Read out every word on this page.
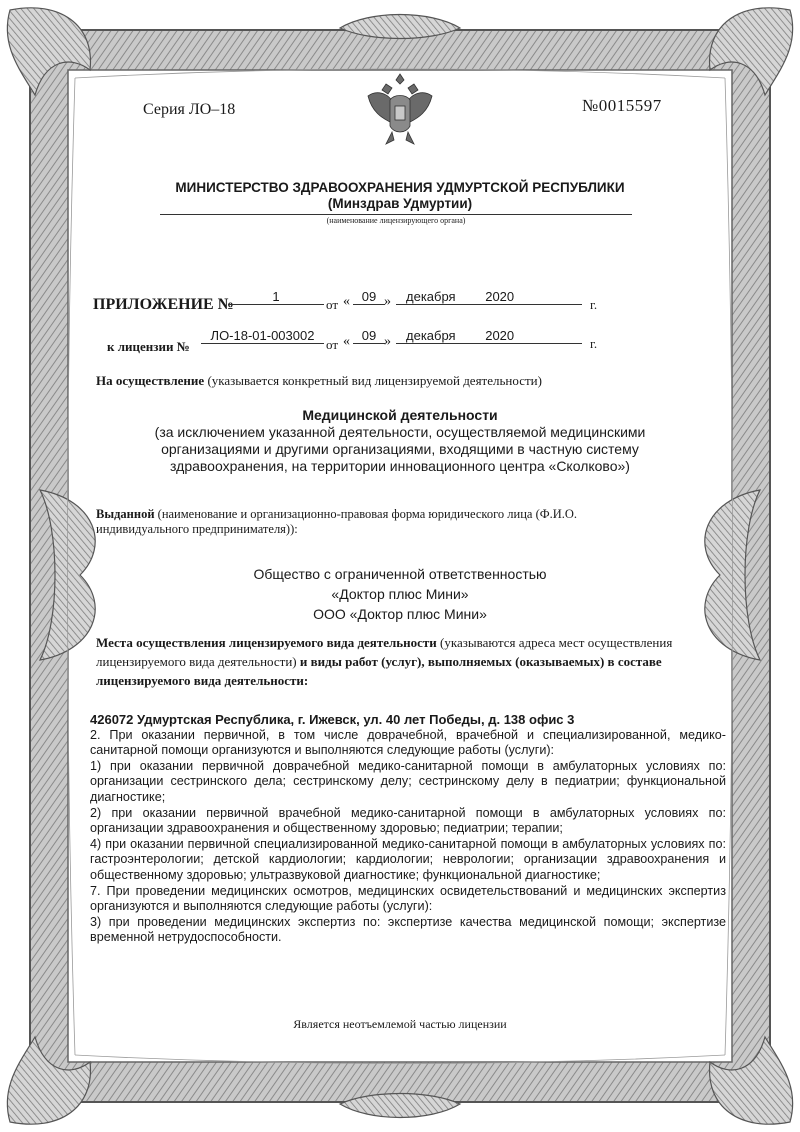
Серия ЛО–18	№0015597
МИНИСТЕРСТВО ЗДРАВООХРАНЕНИЯ УДМУРТСКОЙ РЕСПУБЛИКИ
(Минздрав Удмуртии)
(наименование лицензирующего органа)
ПРИЛОЖЕНИЕ №	1
от « 09 »	декабря 2020
г.
к лицензии №
ЛО-18-01-003002
от « 09 »	декабря 2020
г.
На осуществление (указывается конкретный вид лицензируемой деятельности)
Медицинской деятельности
(за исключением указанной деятельности, осуществляемой медицинскими
организациями и другими организациями, входящими в частную систему
здравоохранения, на территории инновационного центра «Сколково»)
Выданной (наименование и организационно-правовая форма юридического лица (Ф.И.О. индивидуального предпринимателя)):
Общество с ограниченной ответственностью
«Доктор плюс Мини»
ООО «Доктор плюс Мини»
Места осуществления лицензируемого вида деятельности (указываются адреса мест осуществления лицензируемого вида деятельности) и виды работ (услуг), выполняемых (оказываемых) в составе лицензируемого вида деятельности:

426072 Удмуртская Республика, г. Ижевск, ул. 40 лет Победы, д. 138 офис 3

2. При оказании первичной, в том числе доврачебной, врачебной и специализированной, медико-санитарной помощи организуются и выполняются следующие работы (услуги):

1) при оказании первичной доврачебной медико-санитарной помощи в амбулаторных условиях по: организации сестринского дела; сестринскому делу; сестринскому делу в педиатрии; функциональной диагностике;

2) при оказании первичной врачебной медико-санитарной помощи в амбулаторных условиях по: организации здравоохранения и общественному здоровью; педиатрии; терапии;

4) при оказании первичной специализированной медико-санитарной помощи в амбулаторных условиях по: гастроэнтерологии; детской кардиологии; кардиологии; неврологии; организации здравоохранения и общественному здоровью; ультразвуковой диагностике; функциональной диагностике;

7. При проведении медицинских осмотров, медицинских освидетельствований и медицинских экспертиз организуются и выполняются следующие работы (услуги):

3) при проведении медицинских экспертиз по: экспертизе качества медицинской помощи; экспертизе временной нетрудоспособности.

Является неотъемлемой частью лицензии
